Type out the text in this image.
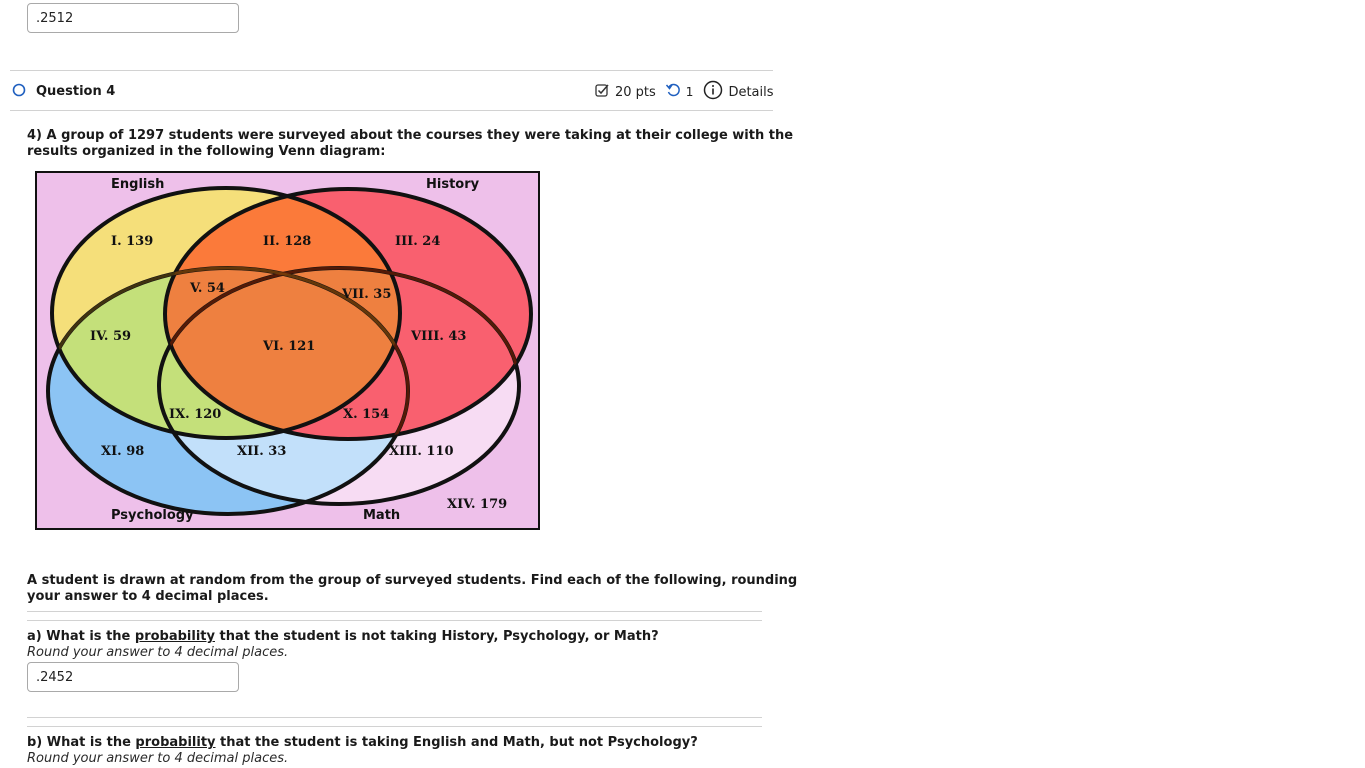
.2512
Question 4	20 pts	1	Details
4) A group of 1297 students were surveyed about the courses they were taking at their college with the
results organized in the following Venn diagram:
English	History
Psychology	Math
I. 139	II. 128	III. 24
IV. 59
V. 54
VI. 121
VII. 35
VIII. 43
IX. 120	X. 154
XI. 98	XII. 33	XIII. 110
XIV. 179
A student is drawn at random from the group of surveyed students. Find each of the following, rounding
your answer to 4 decimal places.
a) What is the probability that the student is not taking History, Psychology, or Math?
Round your answer to 4 decimal places.
.2452
b) What is the probability that the student is taking English and Math, but not Psychology?
Round your answer to 4 decimal places.
